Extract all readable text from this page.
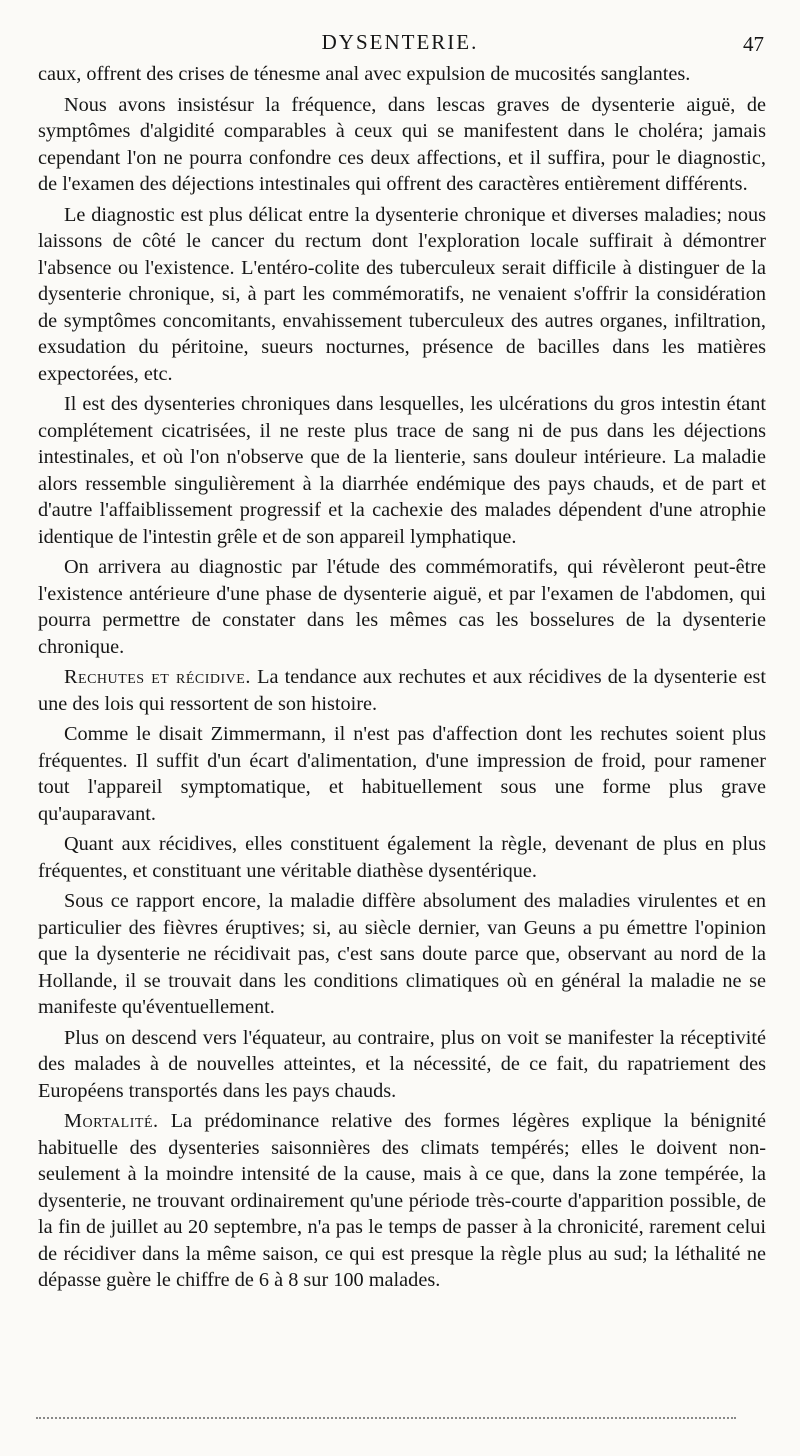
DYSENTERIE.	47

caux, offrent des crises de ténesme anal avec expulsion de mucosités sanglantes.

Nous avons insistésur la fréquence, dans lescas graves de dysenterie aiguë, de symptômes d'algidité comparables à ceux qui se manifestent dans le choléra; jamais cependant l'on ne pourra confondre ces deux affections, et il suffira, pour le diagnostic, de l'examen des déjections intestinales qui offrent des caractères entièrement différents.

Le diagnostic est plus délicat entre la dysenterie chronique et diverses maladies; nous laissons de côté le cancer du rectum dont l'exploration locale suffirait à démontrer l'absence ou l'existence. L'entéro-colite des tuberculeux serait difficile à distinguer de la dysenterie chronique, si, à part les commémoratifs, ne venaient s'offrir la considération de symptômes concomitants, envahissement tuberculeux des autres organes, infiltration, exsudation du péritoine, sueurs nocturnes, présence de bacilles dans les matières expectorées, etc.

Il est des dysenteries chroniques dans lesquelles, les ulcérations du gros intestin étant complétement cicatrisées, il ne reste plus trace de sang ni de pus dans les déjections intestinales, et où l'on n'observe que de la lienterie, sans douleur intérieure. La maladie alors ressemble singulièrement à la diarrhée endémique des pays chauds, et de part et d'autre l'affaiblissement progressif et la cachexie des malades dépendent d'une atrophie identique de l'intestin grêle et de son appareil lymphatique.

On arrivera au diagnostic par l'étude des commémoratifs, qui révèleront peut-être l'existence antérieure d'une phase de dysenterie aiguë, et par l'examen de l'abdomen, qui pourra permettre de constater dans les mêmes cas les bosselures de la dysenterie chronique.

Rechutes et récidive. La tendance aux rechutes et aux récidives de la dysenterie est une des lois qui ressortent de son histoire.

Comme le disait Zimmermann, il n'est pas d'affection dont les rechutes soient plus fréquentes. Il suffit d'un écart d'alimentation, d'une impression de froid, pour ramener tout l'appareil symptomatique, et habituellement sous une forme plus grave qu'auparavant.

Quant aux récidives, elles constituent également la règle, devenant de plus en plus fréquentes, et constituant une véritable diathèse dysentérique.

Sous ce rapport encore, la maladie diffère absolument des maladies virulentes et en particulier des fièvres éruptives; si, au siècle dernier, van Geuns a pu émettre l'opinion que la dysenterie ne récidivait pas, c'est sans doute parce que, observant au nord de la Hollande, il se trouvait dans les conditions climatiques où en général la maladie ne se manifeste qu'éventuellement.

Plus on descend vers l'équateur, au contraire, plus on voit se manifester la réceptivité des malades à de nouvelles atteintes, et la nécessité, de ce fait, du rapatriement des Européens transportés dans les pays chauds.

Mortalité. La prédominance relative des formes légères explique la bénignité habituelle des dysenteries saisonnières des climats tempérés; elles le doivent non-seulement à la moindre intensité de la cause, mais à ce que, dans la zone tempérée, la dysenterie, ne trouvant ordinairement qu'une période très-courte d'apparition possible, de la fin de juillet au 20 septembre, n'a pas le temps de passer à la chronicité, rarement celui de récidiver dans la même saison, ce qui est presque la règle plus au sud; la léthalité ne dépasse guère le chiffre de 6 à 8 sur 100 malades.
